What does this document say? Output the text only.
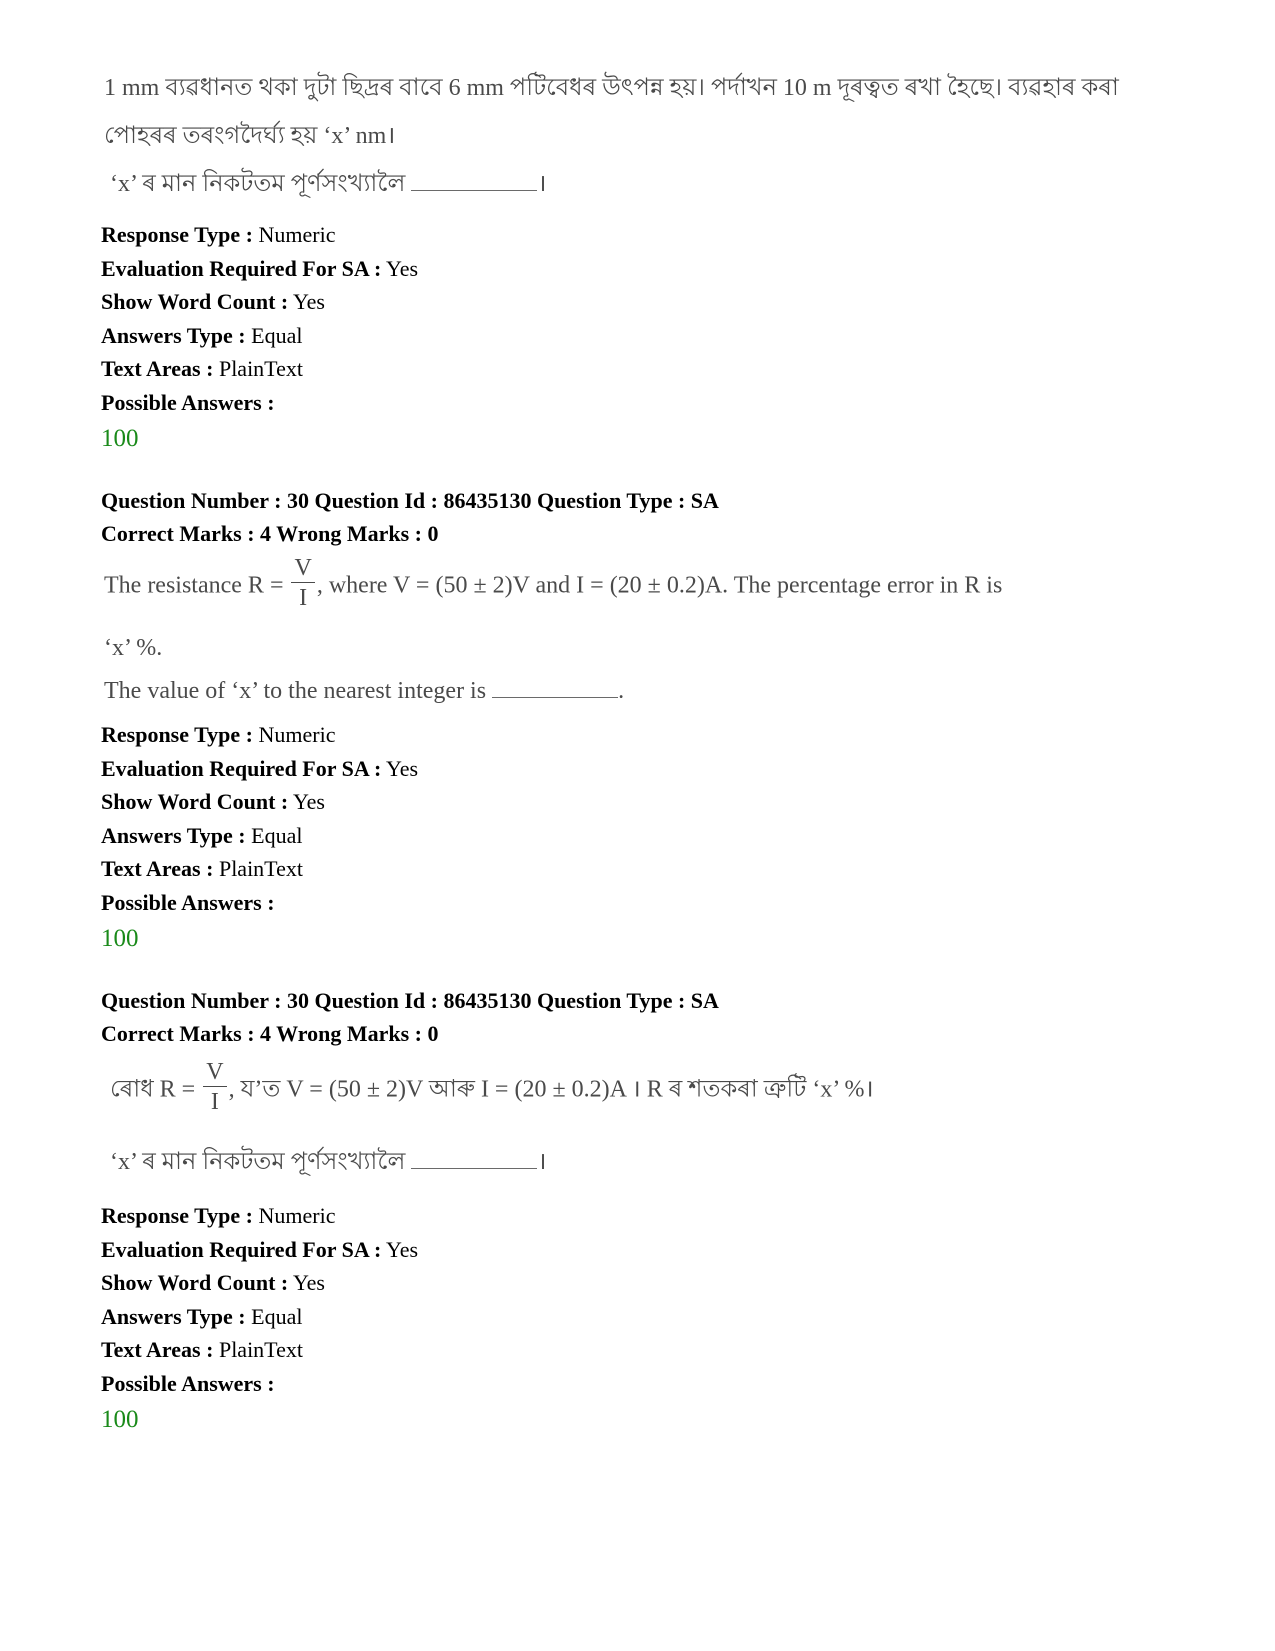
1 mm ব্যৱধানত থকা দুটা ছিদ্ৰৰ বাবে 6 mm পটিবেধৰ উৎপন্ন হয়। পৰ্দাখন 10 m দূৰত্বত ৰখা হৈছে। ব্যৱহাৰ কৰা
পোহৰৰ তৰংগদৈৰ্ঘ্য হয় ‘x’ nm।
‘x’ ৰ মান নিকটতম পূৰ্ণসংখ্যালৈ	।
Response Type : Numeric
Evaluation Required For SA : Yes
Show Word Count : Yes
Answers Type : Equal
Text Areas : PlainText
Possible Answers :
100
Question Number : 30 Question Id : 86435130 Question Type : SA
Correct Marks : 4 Wrong Marks : 0
The resistance $R = \frac{V}{I}$ , where V = (50 ± 2)V and I = (20 ± 0.2)A. The percentage error in R is
‘x’ %.
The value of ‘x’ to the nearest integer is	.
Response Type : Numeric
Evaluation Required For SA : Yes
Show Word Count : Yes
Answers Type : Equal
Text Areas : PlainText
Possible Answers :
100
Question Number : 30 Question Id : 86435130 Question Type : SA
Correct Marks : 4 Wrong Marks : 0
ৰোধ $R = \frac{V}{I}$ , য’ত V = (50 ± 2)V আৰু I = (20 ± 0.2)A । R ৰ শতকৰা ত্ৰুটি ‘x’ %।
‘x’ ৰ মান নিকটতম পূৰ্ণসংখ্যালৈ	।
Response Type : Numeric
Evaluation Required For SA : Yes
Show Word Count : Yes
Answers Type : Equal
Text Areas : PlainText
Possible Answers :
100
